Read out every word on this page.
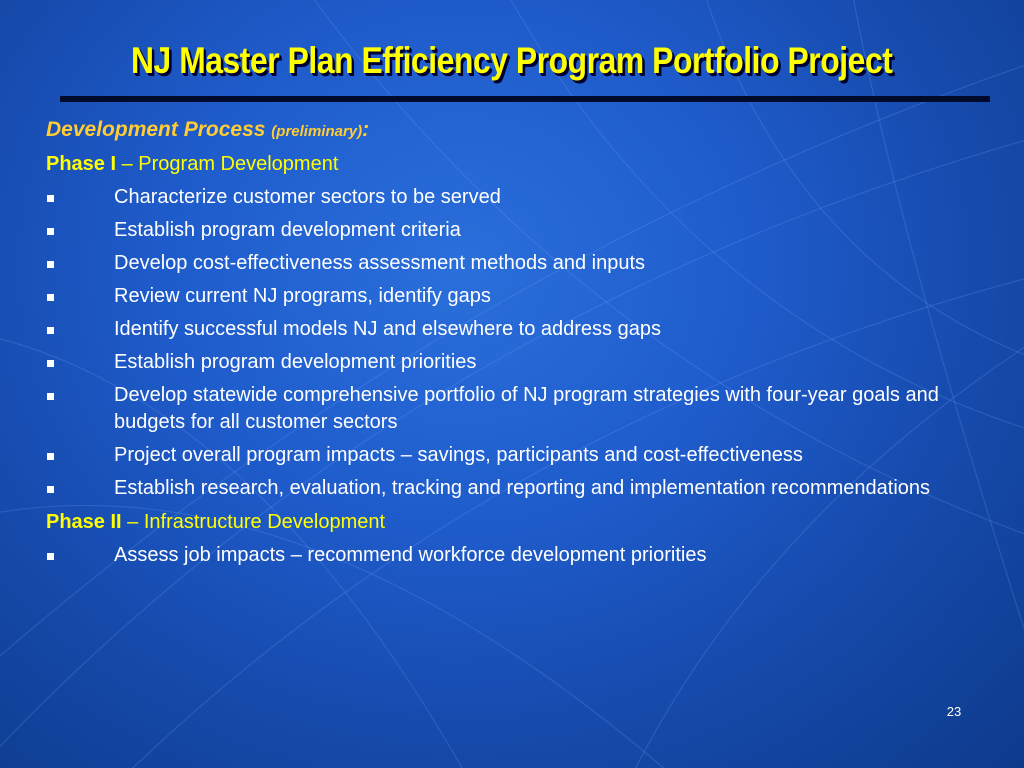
NJ Master Plan Efficiency Program Portfolio Project
Development Process (preliminary):
Phase I – Program Development
Characterize customer sectors to be served
Establish program development criteria
Develop cost-effectiveness assessment methods and inputs
Review current NJ programs, identify gaps
Identify successful models NJ and elsewhere to address gaps
Establish program development priorities
Develop statewide comprehensive portfolio of NJ program strategies with four-year goals and budgets for all customer sectors
Project overall program impacts – savings, participants and cost-effectiveness
Establish research, evaluation, tracking and reporting and implementation recommendations
Phase II – Infrastructure Development
Assess job impacts – recommend workforce development priorities
23
